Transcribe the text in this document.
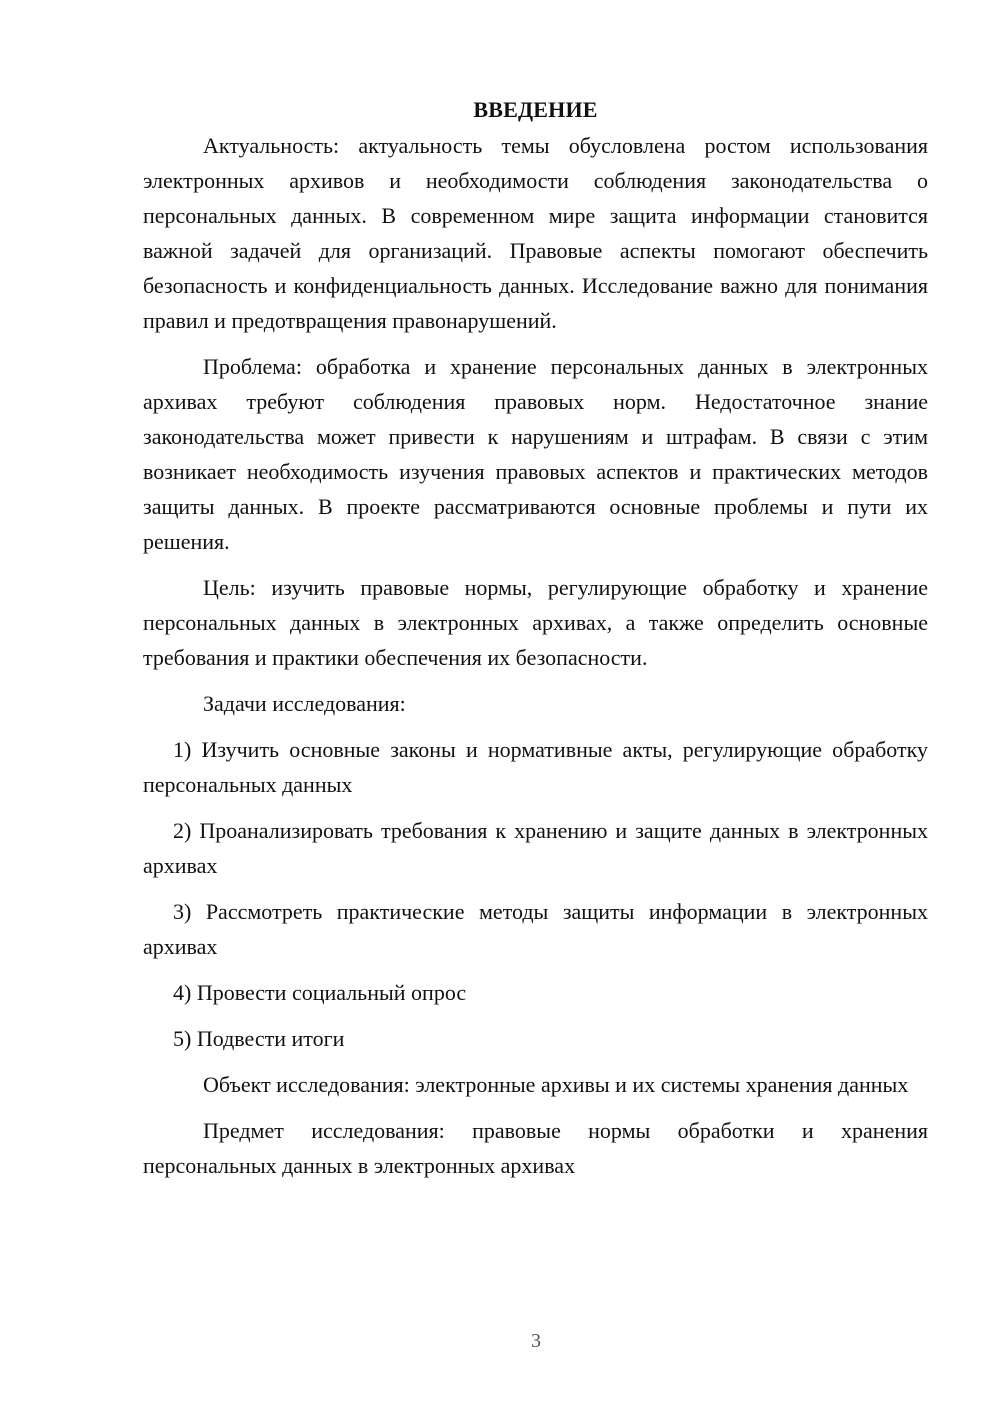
ВВЕДЕНИЕ

Актуальность: актуальность темы обусловлена ростом использования электронных архивов и необходимости соблюдения законодательства о персональных данных. В современном мире защита информации становится важной задачей для организаций. Правовые аспекты помогают обеспечить безопасность и конфиденциальность данных. Исследование важно для понимания правил и предотвращения правонарушений.

Проблема: обработка и хранение персональных данных в электронных архивах требуют соблюдения правовых норм. Недостаточное знание законодательства может привести к нарушениям и штрафам. В связи с этим возникает необходимость изучения правовых аспектов и практических методов защиты данных. В проекте рассматриваются основные проблемы и пути их решения.

Цель: изучить правовые нормы, регулирующие обработку и хранение персональных данных в электронных архивах, а также определить основные требования и практики обеспечения их безопасности.

Задачи исследования:

1) Изучить основные законы и нормативные акты, регулирующие обработку персональных данных

2) Проанализировать требования к хранению и защите данных в электронных архивах

3) Рассмотреть практические методы защиты информации в электронных архивах

4) Провести социальный опрос

5) Подвести итоги

Объект исследования: электронные архивы и их системы хранения данных

Предмет исследования: правовые нормы обработки и хранения персональных данных в электронных архивах

3
